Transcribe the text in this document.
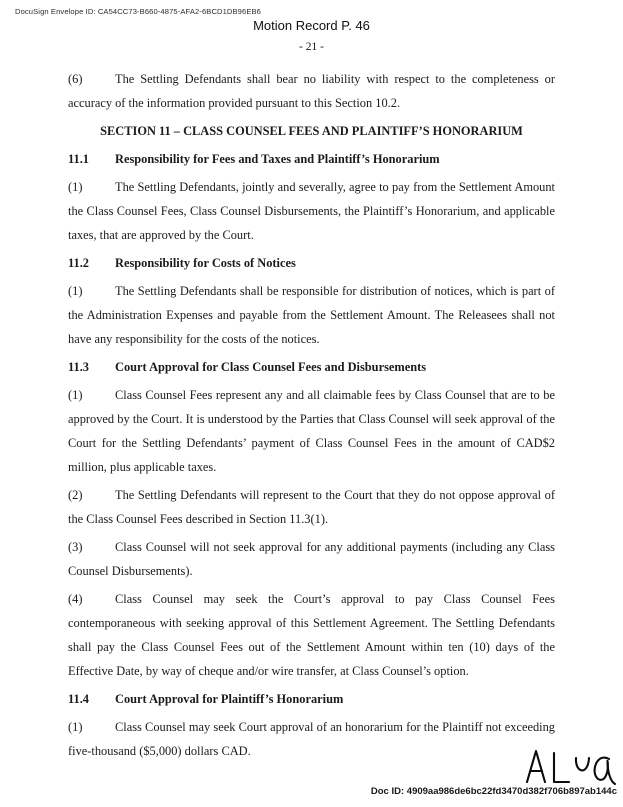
DocuSign Envelope ID: CA54CC73-B660-4875-AFA2-6BCD1DB96EB6
Motion Record P. 46
- 21 -

(6)	The Settling Defendants shall bear no liability with respect to the completeness or accuracy of the information provided pursuant to this Section 10.2.

SECTION 11 – CLASS COUNSEL FEES AND PLAINTIFF’S HONORARIUM

11.1 Responsibility for Fees and Taxes and Plaintiff’s Honorarium

(1)	The Settling Defendants, jointly and severally, agree to pay from the Settlement Amount the Class Counsel Fees, Class Counsel Disbursements, the Plaintiff’s Honorarium, and applicable taxes, that are approved by the Court.

11.2 Responsibility for Costs of Notices

(1)	The Settling Defendants shall be responsible for distribution of notices, which is part of the Administration Expenses and payable from the Settlement Amount. The Releasees shall not have any responsibility for the costs of the notices.

11.3 Court Approval for Class Counsel Fees and Disbursements

(1)	Class Counsel Fees represent any and all claimable fees by Class Counsel that are to be approved by the Court. It is understood by the Parties that Class Counsel will seek approval of the Court for the Settling Defendants’ payment of Class Counsel Fees in the amount of CAD$2 million, plus applicable taxes.

(2)	The Settling Defendants will represent to the Court that they do not oppose approval of the Class Counsel Fees described in Section 11.3(1).

(3)	Class Counsel will not seek approval for any additional payments (including any Class Counsel Disbursements).

(4)	Class Counsel may seek the Court’s approval to pay Class Counsel Fees contemporaneous with seeking approval of this Settlement Agreement. The Settling Defendants shall pay the Class Counsel Fees out of the Settlement Amount within ten (10) days of the Effective Date, by way of cheque and/or wire transfer, at Class Counsel’s option.

11.4 Court Approval for Plaintiff’s Honorarium

(1)	Class Counsel may seek Court approval of an honorarium for the Plaintiff not exceeding five-thousand ($5,000) dollars CAD.

Doc ID: 4909aa986de6bc22fd3470d382f706b897ab144c
